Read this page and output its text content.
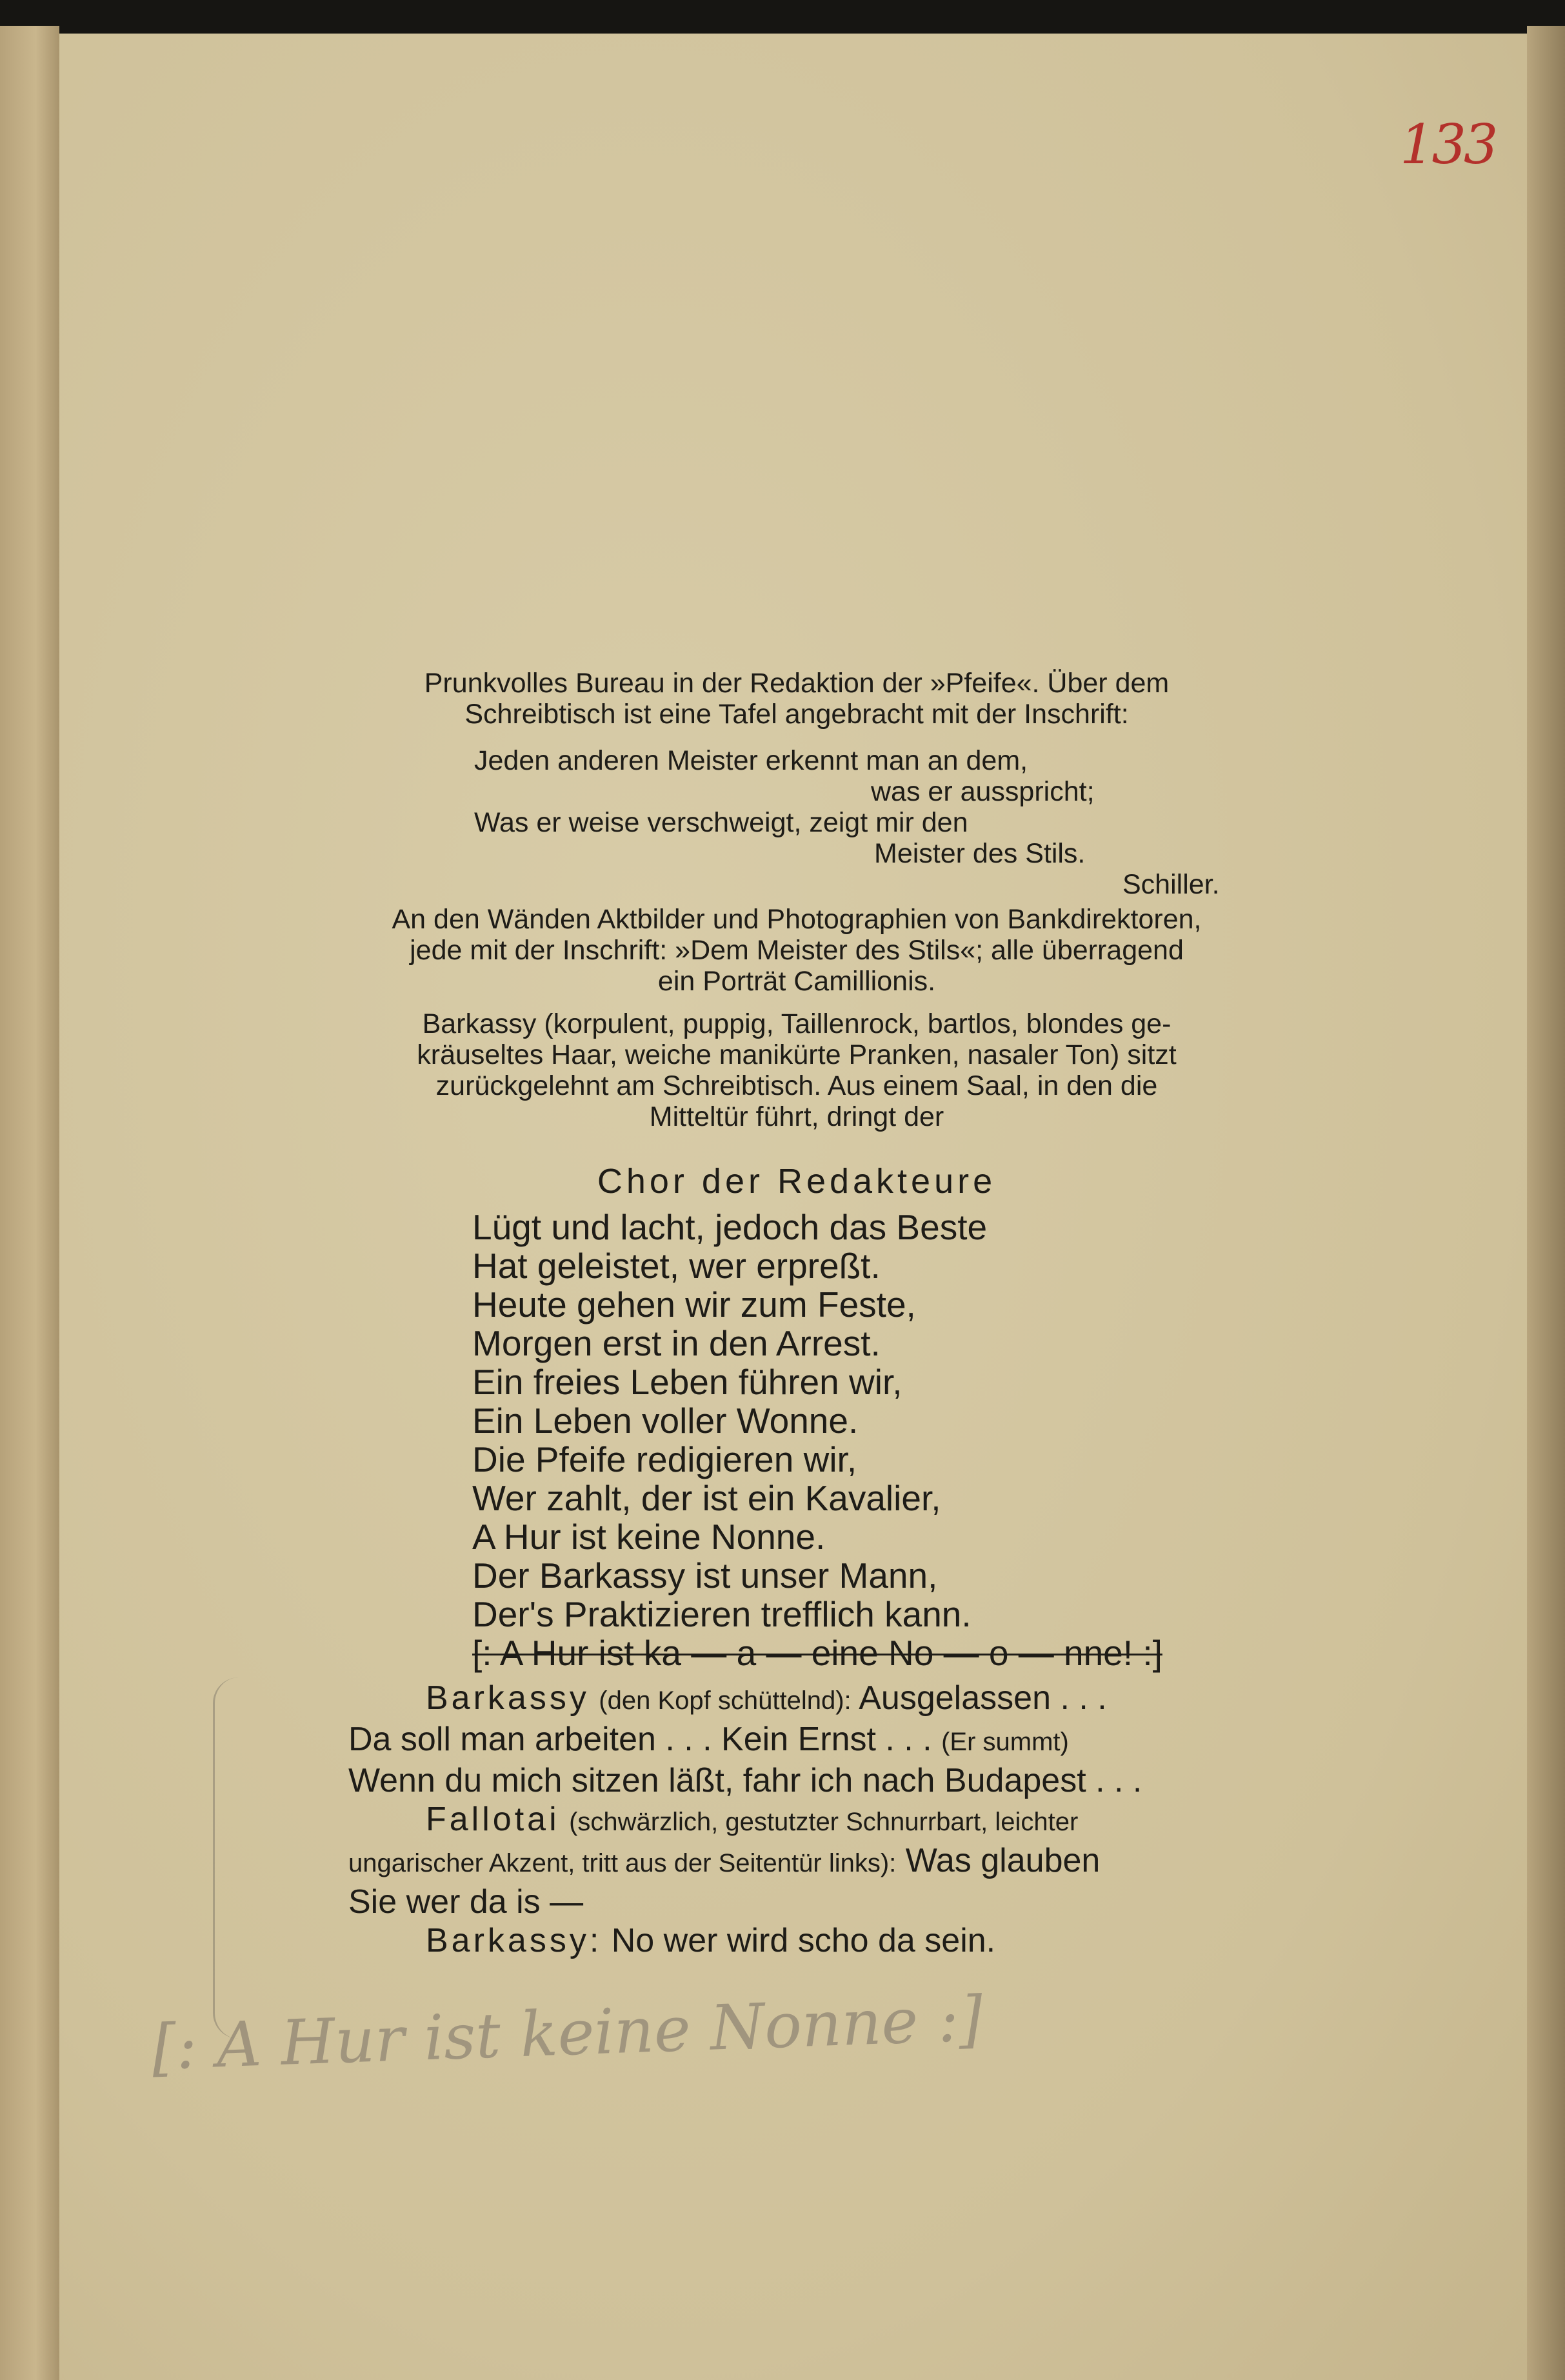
133
Prunkvolles Bureau in der Redaktion der »Pfeife«. Über dem
Schreibtisch ist eine Tafel angebracht mit der Inschrift:
Jeden anderen Meister erkennt man an dem,
was er ausspricht;
Was er weise verschweigt, zeigt mir den
Meister des Stils.
Schiller.
An den Wänden Aktbilder und Photographien von Bankdirektoren,
jede mit der Inschrift: »Dem Meister des Stils«; alle überragend
ein Porträt Camillionis.
Barkassy (korpulent, puppig, Taillenrock, bartlos, blondes ge-
kräuseltes Haar, weiche manikürte Pranken, nasaler Ton) sitzt
zurückgelehnt am Schreibtisch. Aus einem Saal, in den die
Mitteltür führt, dringt der
Chor der Redakteure
Lügt und lacht, jedoch das Beste
Hat geleistet, wer erpreßt.
Heute gehen wir zum Feste,
Morgen erst in den Arrest.
Ein freies Leben führen wir,
Ein Leben voller Wonne.
Die Pfeife redigieren wir,
Wer zahlt, der ist ein Kavalier,
A Hur ist keine Nonne.
Der Barkassy ist unser Mann,
Der's Praktizieren trefflich kann.
[: A Hur ist ka — a — eine No — o — nne! :]
Barkassy (den Kopf schüttelnd): Ausgelassen . . .
Da soll man arbeiten . . . Kein Ernst . . . (Er summt)
Wenn du mich sitzen läßt, fahr ich nach Budapest . . .
Fallotai (schwärzlich, gestutzter Schnurrbart, leichter
ungarischer Akzent, tritt aus der Seitentür links): Was glauben
Sie wer da is —
Barkassy: No wer wird scho da sein.
[: A Hur ist keine Nonne :]
